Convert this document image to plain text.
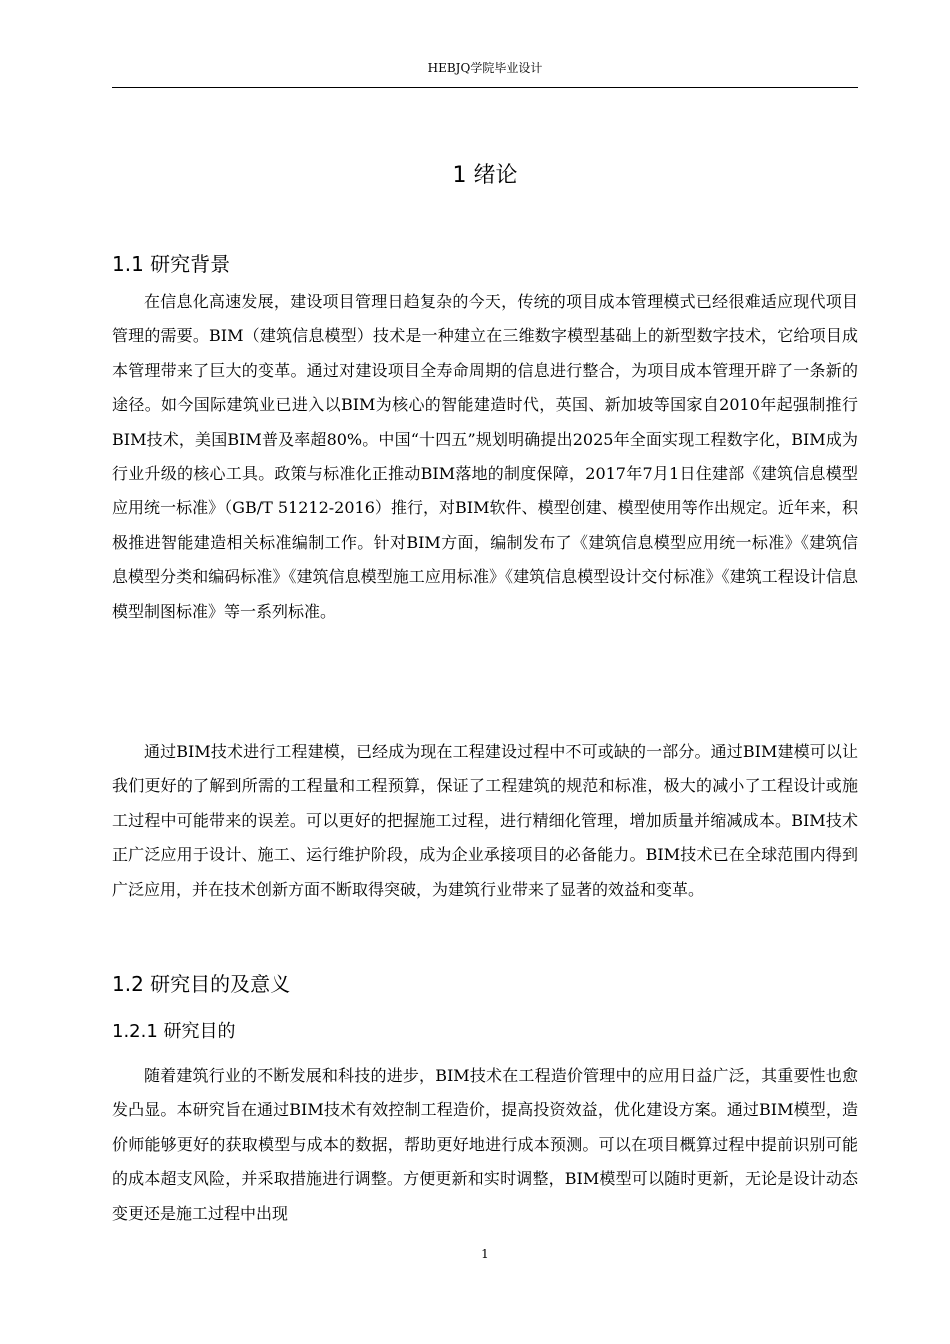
HEBJQ学院毕业设计
1 绪论
1.1 研究背景

在信息化高速发展，建设项目管理日趋复杂的今天，传统的项目成本管理模式已经很难适应现代项目管理的需要。BIM（建筑信息模型）技术是一种建立在三维数字模型基础上的新型数字技术，它给项目成本管理带来了巨大的变革。通过对建设项目全寿命周期的信息进行整合，为项目成本管理开辟了一条新的途径。如今国际建筑业已进入以BIM为核心的智能建造时代，英国、新加坡等国家自2010年起强制推行BIM技术，美国BIM普及率超80%。中国“十四五”规划明确提出2025年全面实现工程数字化，BIM成为行业升级的核心工具。政策与标准化正推动BIM落地的制度保障，2017年7月1日住建部《建筑信息模型应用统一标准》（GB/T 51212-2016）推行，对BIM软件、模型创建、模型使用等作出规定。近年来，积极推进智能建造相关标准编制工作。针对BIM方面，编制发布了《建筑信息模型应用统一标准》《建筑信息模型分类和编码标准》《建筑信息模型施工应用标准》《建筑信息模型设计交付标准》《建筑工程设计信息模型制图标准》等一系列标准。

通过BIM技术进行工程建模，已经成为现在工程建设过程中不可或缺的一部分。通过BIM建模可以让我们更好的了解到所需的工程量和工程预算，保证了工程建筑的规范和标准，极大的减小了工程设计或施工过程中可能带来的误差。可以更好的把握施工过程，进行精细化管理，增加质量并缩减成本。BIM技术正广泛应用于设计、施工、运行维护阶段，成为企业承接项目的必备能力。BIM技术已在全球范围内得到广泛应用，并在技术创新方面不断取得突破，为建筑行业带来了显著的效益和变革。

1.2 研究目的及意义
1.2.1 研究目的

随着建筑行业的不断发展和科技的进步，BIM技术在工程造价管理中的应用日益广泛，其重要性也愈发凸显。本研究旨在通过BIM技术有效控制工程造价，提高投资效益，优化建设方案。通过BIM模型，造价师能够更好的获取模型与成本的数据，帮助更好地进行成本预测。可以在项目概算过程中提前识别可能的成本超支风险，并采取措施进行调整。方便更新和实时调整，BIM模型可以随时更新，无论是设计动态变更还是施工过程中出现

1
